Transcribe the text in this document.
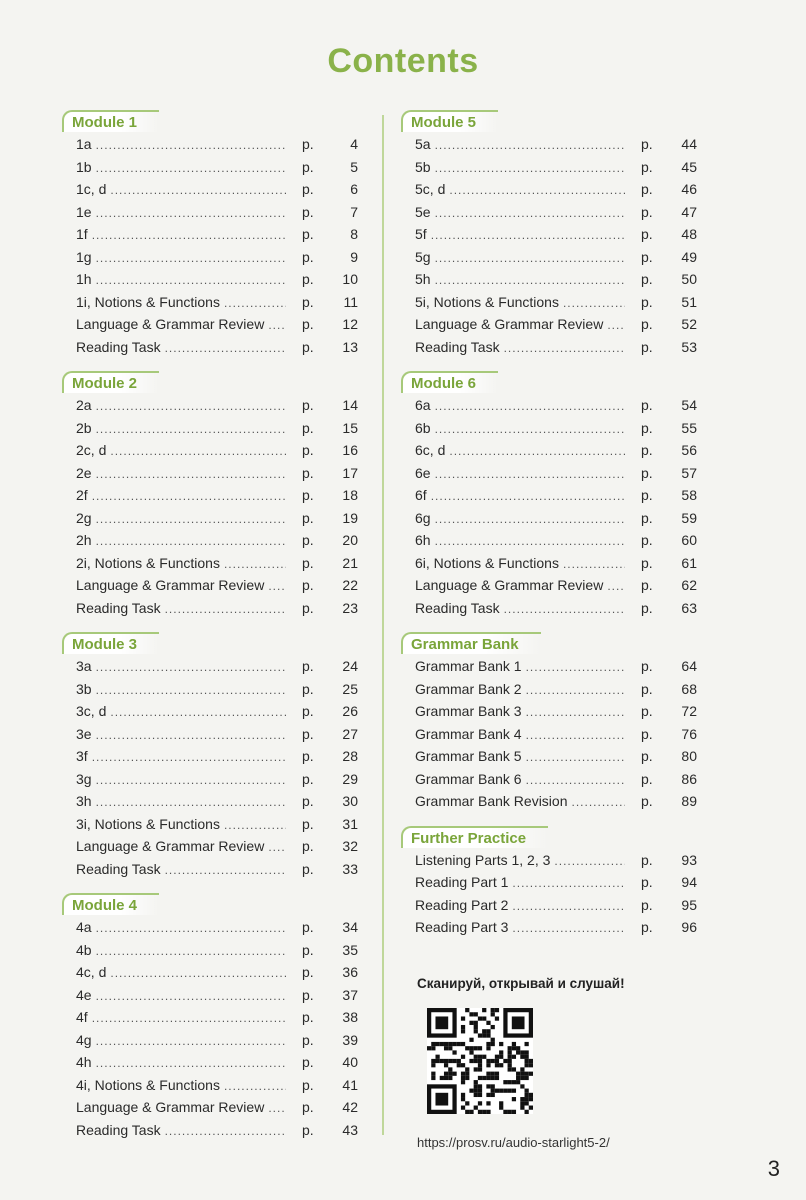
Contents
Module 1
1a .....	p.	4
1b .....	p.	5
1c, d .....	p.	6
1e .....	p.	7
1f .....	p.	8
1g .....	p.	9
1h .....	p.	10
1i, Notions & Functions .....	p.	11
Language & Grammar Review .....	p.	12
Reading Task .....	p.	13
Module 2
2a .....	p.	14
2b .....	p.	15
2c, d .....	p.	16
2e .....	p.	17
2f .....	p.	18
2g .....	p.	19
2h .....	p.	20
2i, Notions & Functions .....	p.	21
Language & Grammar Review .....	p.	22
Reading Task .....	p.	23
Module 3
3a .....	p.	24
3b .....	p.	25
3c, d .....	p.	26
3e .....	p.	27
3f .....	p.	28
3g .....	p.	29
3h .....	p.	30
3i, Notions & Functions .....	p.	31
Language & Grammar Review .....	p.	32
Reading Task .....	p.	33
Module 4
4a .....	p.	34
4b .....	p.	35
4c, d .....	p.	36
4e .....	p.	37
4f .....	p.	38
4g .....	p.	39
4h .....	p.	40
4i, Notions & Functions .....	p.	41
Language & Grammar Review .....	p.	42
Reading Task .....	p.	43
Module 5
5a .....	p.	44
5b .....	p.	45
5c, d .....	p.	46
5e .....	p.	47
5f .....	p.	48
5g .....	p.	49
5h .....	p.	50
5i, Notions & Functions .....	p.	51
Language & Grammar Review .....	p.	52
Reading Task .....	p.	53
Module 6
6a .....	p.	54
6b .....	p.	55
6c, d .....	p.	56
6e .....	p.	57
6f .....	p.	58
6g .....	p.	59
6h .....	p.	60
6i, Notions & Functions .....	p.	61
Language & Grammar Review .....	p.	62
Reading Task .....	p.	63
Grammar Bank
Grammar Bank 1 .....	p.	64
Grammar Bank 2 .....	p.	68
Grammar Bank 3 .....	p.	72
Grammar Bank 4 .....	p.	76
Grammar Bank 5 .....	p.	80
Grammar Bank 6 .....	p.	86
Grammar Bank Revision .....	p.	89
Further Practice
Listening Parts 1, 2, 3 .....	p.	93
Reading Part 1 .....	p.	94
Reading Part 2 .....	p.	95
Reading Part 3 .....	p.	96
Сканируй, открывай и слушай!
https://prosv.ru/audio-starlight5-2/
3
